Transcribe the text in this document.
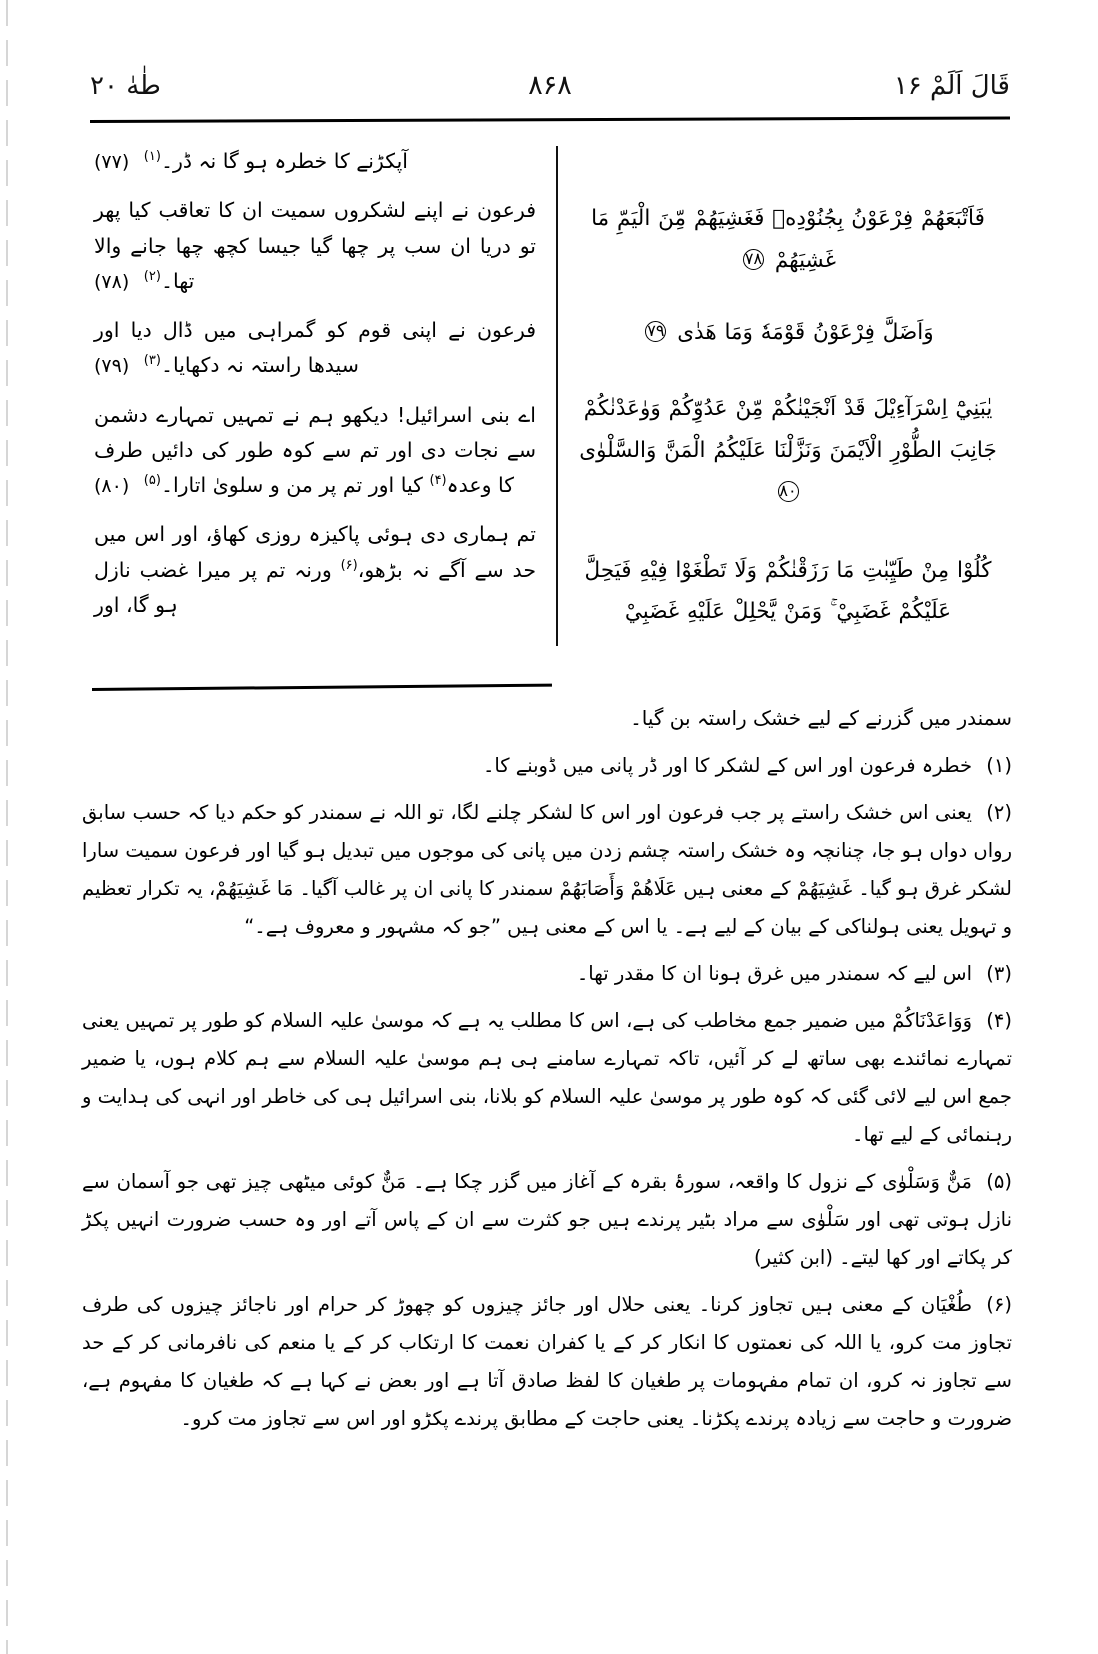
قَالَ اَلَمْ ۱۶
۸۶۸
طٰهٰ ۲۰

فَاَتْبَعَهُمْ فِرْعَوْنُ بِجُنُوْدِهٖ فَغَشِيَهُمْ مِّنَ الْيَمِّ مَا غَشِيَهُمْ ۷۸

وَاَضَلَّ فِرْعَوْنُ قَوْمَهٗ وَمَا هَدٰى ۷۹

يٰبَنِيْٓ اِسْرَآءِيْلَ قَدْ اَنْجَيْنٰكُمْ مِّنْ عَدُوِّكُمْ وَوٰعَدْنٰكُمْ جَانِبَ الطُّوْرِ الْاَيْمَنَ وَنَزَّلْنَا عَلَيْكُمُ الْمَنَّ وَالسَّلْوٰى ۸۰

كُلُوْا مِنْ طَيِّبٰتِ مَا رَزَقْنٰكُمْ وَلَا تَطْغَوْا فِيْهِ فَيَحِلَّ عَلَيْكُمْ غَضَبِيْ ۚ وَمَنْ يَّحْلِلْ عَلَيْهِ غَضَبِيْ

آپکڑنے کا خطرہ ہو گا نہ ڈر۔$^{(۱)}$ (۷۷)

فرعون نے اپنے لشکروں سمیت ان کا تعاقب کیا پھر تو دریا ان سب پر چھا گیا جیسا کچھ چھا جانے والا تھا۔$^{(۲)}$ (۷۸)

فرعون نے اپنی قوم کو گمراہی میں ڈال دیا اور سیدھا راستہ نہ دکھایا۔$^{(۳)}$ (۷۹)

اے بنی اسرائیل! دیکھو ہم نے تمہیں تمہارے دشمن سے نجات دی اور تم سے کوہ طور کی دائیں طرف کا وعدہ$^{(۴)}$ کیا اور تم پر من و سلویٰ اتارا۔$^{(۵)}$ (۸۰)

تم ہماری دی ہوئی پاکیزہ روزی کھاؤ، اور اس میں حد سے آگے نہ بڑھو،$^{(۶)}$ ورنہ تم پر میرا غضب نازل ہو گا، اور

سمندر میں گزرنے کے لیے خشک راستہ بن گیا۔

(۱)خطرہ فرعون اور اس کے لشکر کا اور ڈر پانی میں ڈوبنے کا۔

(۲)یعنی اس خشک راستے پر جب فرعون اور اس کا لشکر چلنے لگا، تو اللہ نے سمندر کو حکم دیا کہ حسب سابق رواں دواں ہو جا، چنانچہ وہ خشک راستہ چشم زدن میں پانی کی موجوں میں تبدیل ہو گیا اور فرعون سمیت سارا لشکر غرق ہو گیا۔ غَشِيَهُمْ کے معنی ہیں عَلَاهُمْ وَأَصَابَهُمْ سمندر کا پانی ان پر غالب آگیا۔ مَا غَشِيَهُمْ، یہ تکرار تعظیم و تہویل یعنی ہولناکی کے بیان کے لیے ہے۔ یا اس کے معنی ہیں ”جو کہ مشہور و معروف ہے۔“

(۳)اس لیے کہ سمندر میں غرق ہونا ان کا مقدر تھا۔

(۴)وَوَاعَدْنَاكُمْ میں ضمیر جمع مخاطب کی ہے، اس کا مطلب یہ ہے کہ موسیٰ علیہ السلام کو طور پر تمہیں یعنی تمہارے نمائندے بھی ساتھ لے کر آئیں، تاکہ تمہارے سامنے ہی ہم موسیٰ علیہ السلام سے ہم کلام ہوں، یا ضمیر جمع اس لیے لائی گئی کہ کوہ طور پر موسیٰ علیہ السلام کو بلانا، بنی اسرائیل ہی کی خاطر اور انہی کی ہدایت و رہنمائی کے لیے تھا۔

(۵)مَنٌّ وَسَلْوٰى کے نزول کا واقعہ، سورۂ بقرہ کے آغاز میں گزر چکا ہے۔ مَنٌّ کوئی میٹھی چیز تھی جو آسمان سے نازل ہوتی تھی اور سَلْوٰى سے مراد بٹیر پرندے ہیں جو کثرت سے ان کے پاس آتے اور وہ حسب ضرورت انہیں پکڑ کر پکاتے اور کھا لیتے۔ (ابن کثیر)

(۶)طُغْيَان کے معنی ہیں تجاوز کرنا۔ یعنی حلال اور جائز چیزوں کو چھوڑ کر حرام اور ناجائز چیزوں کی طرف تجاوز مت کرو، یا اللہ کی نعمتوں کا انکار کر کے یا کفران نعمت کا ارتکاب کر کے یا منعم کی نافرمانی کر کے حد سے تجاوز نہ کرو، ان تمام مفہومات پر طغیان کا لفظ صادق آتا ہے اور بعض نے کہا ہے کہ طغیان کا مفہوم ہے، ضرورت و حاجت سے زیادہ پرندے پکڑنا۔ یعنی حاجت کے مطابق پرندے پکڑو اور اس سے تجاوز مت کرو۔
